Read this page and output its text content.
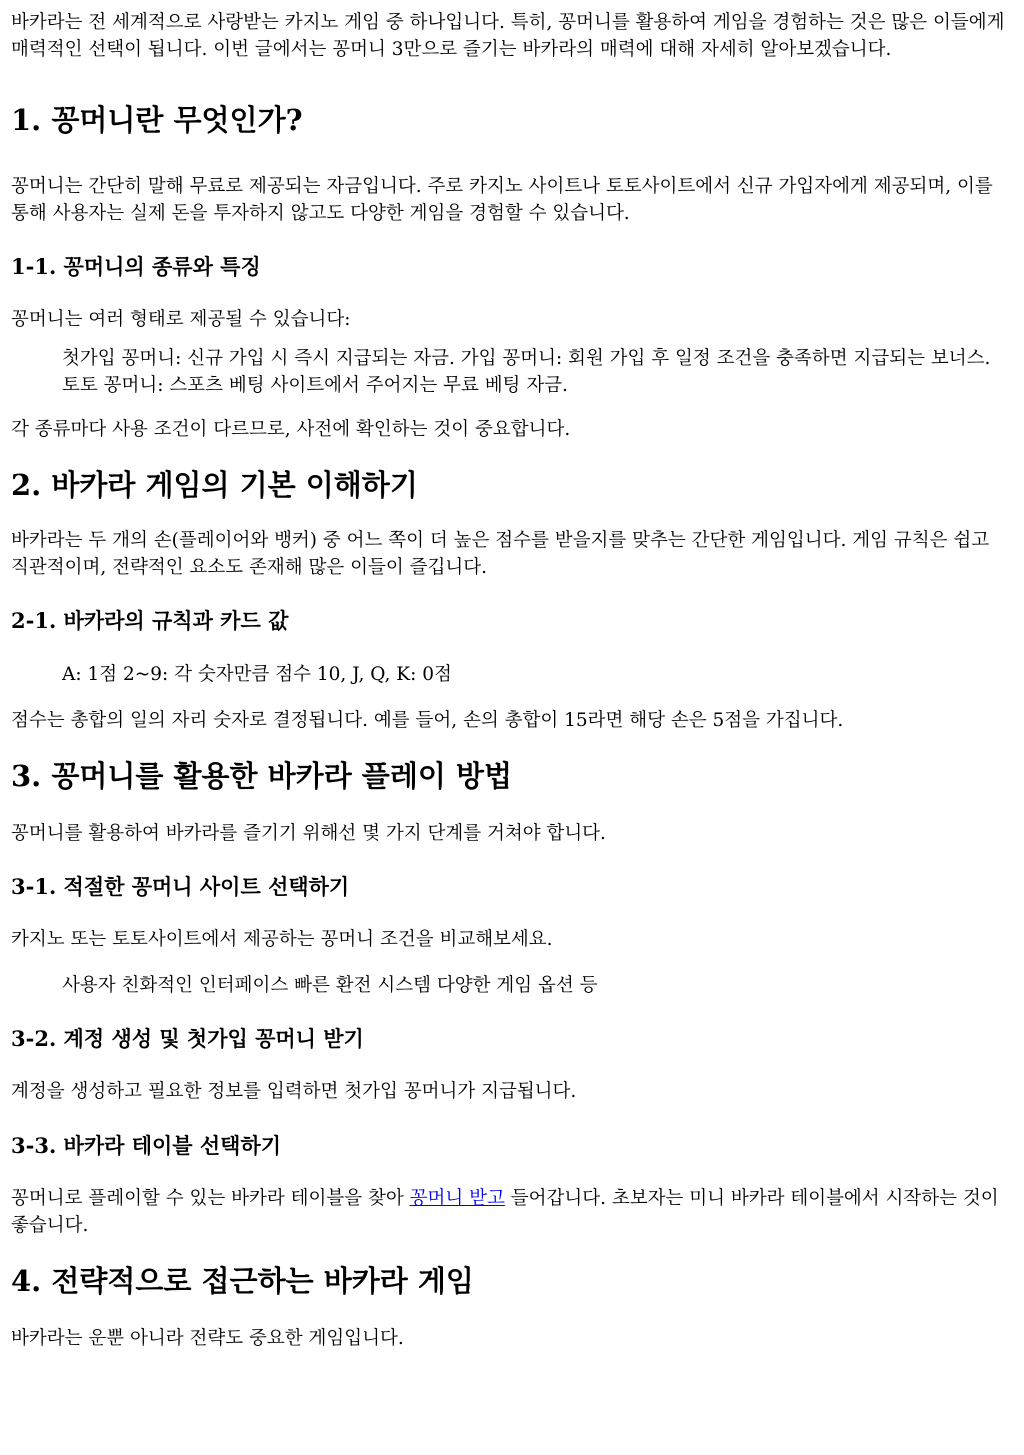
바카라는 전 세계적으로 사랑받는 카지노 게임 중 하나입니다. 특히, 꽁머니를 활용하여 게임을 경험하는 것은 많은 이들에게 매력적인 선택이 됩니다. 이번 글에서는 꽁머니 3만으로 즐기는 바카라의 매력에 대해 자세히 알아보겠습니다.

1. 꽁머니란 무엇인가?

꽁머니는 간단히 말해 무료로 제공되는 자금입니다. 주로 카지노 사이트나 토토사이트에서 신규 가입자에게 제공되며, 이를 통해 사용자는 실제 돈을 투자하지 않고도 다양한 게임을 경험할 수 있습니다.

1-1. 꽁머니의 종류와 특징

꽁머니는 여러 형태로 제공될 수 있습니다:

첫가입 꽁머니: 신규 가입 시 즉시 지급되는 자금. 가입 꽁머니: 회원 가입 후 일정 조건을 충족하면 지급되는 보너스. 토토 꽁머니: 스포츠 베팅 사이트에서 주어지는 무료 베팅 자금.

각 종류마다 사용 조건이 다르므로, 사전에 확인하는 것이 중요합니다.

2. 바카라 게임의 기본 이해하기

바카라는 두 개의 손(플레이어와 뱅커) 중 어느 쪽이 더 높은 점수를 받을지를 맞추는 간단한 게임입니다. 게임 규칙은 쉽고 직관적이며, 전략적인 요소도 존재해 많은 이들이 즐깁니다.

2-1. 바카라의 규칙과 카드 값

A: 1점 2~9: 각 숫자만큼 점수 10, J, Q, K: 0점

점수는 총합의 일의 자리 숫자로 결정됩니다. 예를 들어, 손의 총합이 15라면 해당 손은 5점을 가집니다.

3. 꽁머니를 활용한 바카라 플레이 방법

꽁머니를 활용하여 바카라를 즐기기 위해선 몇 가지 단계를 거쳐야 합니다.

3-1. 적절한 꽁머니 사이트 선택하기

카지노 또는 토토사이트에서 제공하는 꽁머니 조건을 비교해보세요.

사용자 친화적인 인터페이스 빠른 환전 시스템 다양한 게임 옵션 등

3-2. 계정 생성 및 첫가입 꽁머니 받기

계정을 생성하고 필요한 정보를 입력하면 첫가입 꽁머니가 지급됩니다.

3-3. 바카라 테이블 선택하기

꽁머니로 플레이할 수 있는 바카라 테이블을 찾아 꽁머니 받고 들어갑니다. 초보자는 미니 바카라 테이블에서 시작하는 것이 좋습니다.

4. 전략적으로 접근하는 바카라 게임

바카라는 운뿐 아니라 전략도 중요한 게임입니다.
